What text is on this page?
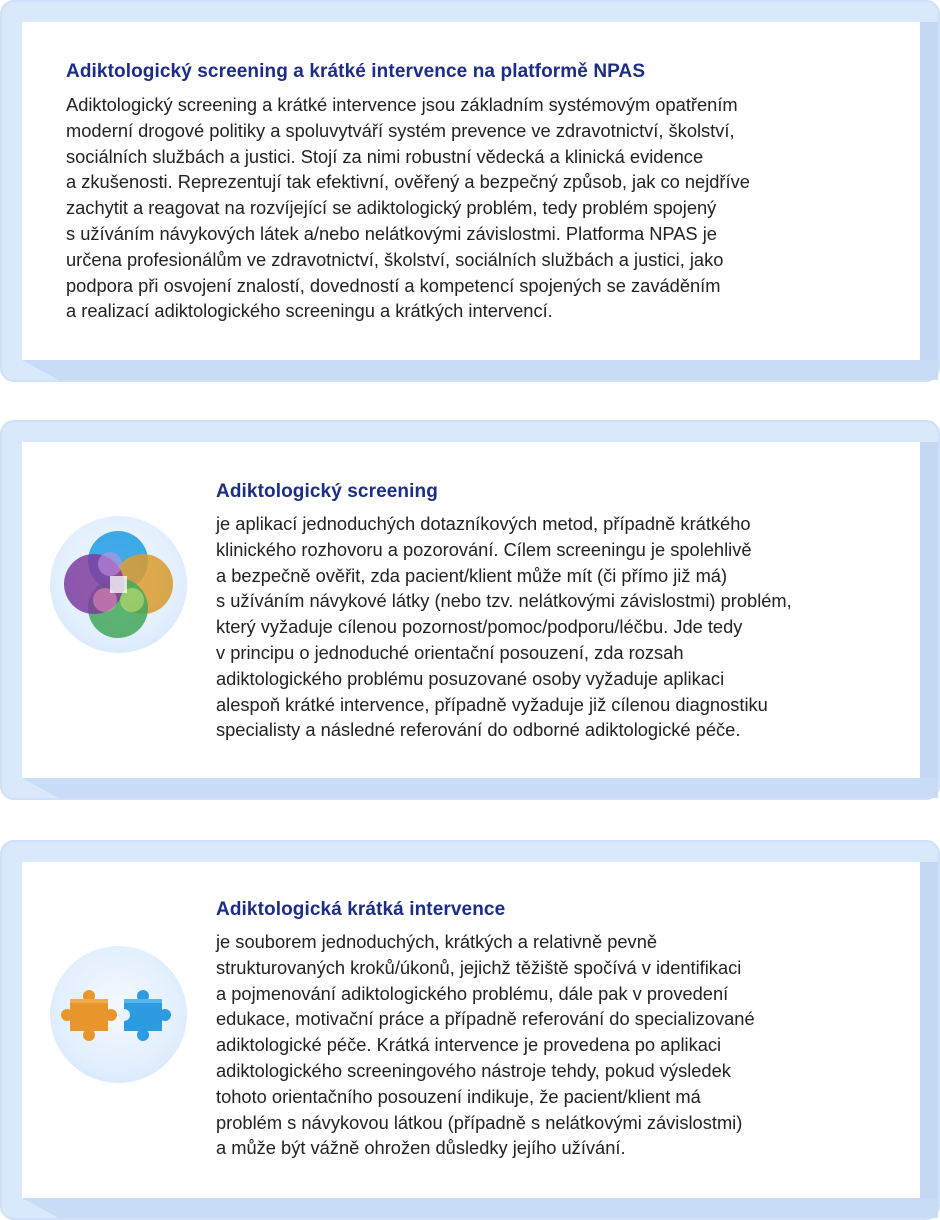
Adiktologický screening a krátké intervence na platformě NPAS

Adiktologický screening a krátké intervence jsou základním systémovým opatřením
moderní drogové politiky a spoluvytváří systém prevence ve zdravotnictví, školství,
sociálních službách a justici. Stojí za nimi robustní vědecká a klinická evidence
a zkušenosti. Reprezentují tak efektivní, ověřený a bezpečný způsob, jak co nejdříve
zachytit a reagovat na rozvíjející se adiktologický problém, tedy problém spojený
s užíváním návykových látek a/nebo nelátkovými závislostmi. Platforma NPAS je
určena profesionálům ve zdravotnictví, školství, sociálních službách a justici, jako
podpora při osvojení znalostí, dovedností a kompetencí spojených se zaváděním
a realizací adiktologického screeningu a krátkých intervencí.

Adiktologický screening

je aplikací jednoduchých dotazníkových metod, případně krátkého
klinického rozhovoru a pozorování. Cílem screeningu je spolehlivě
a bezpečně ověřit, zda pacient/klient může mít (či přímo již má)
s užíváním návykové látky (nebo tzv. nelátkovými závislostmi) problém,
který vyžaduje cílenou pozornost/pomoc/podporu/léčbu. Jde tedy
v principu o jednoduché orientační posouzení, zda rozsah
adiktologického problému posuzované osoby vyžaduje aplikaci
alespoň krátké intervence, případně vyžaduje již cílenou diagnostiku
specialisty a následné referování do odborné adiktologické péče.

Adiktologická krátká intervence

je souborem jednoduchých, krátkých a relativně pevně
strukturovaných kroků/úkonů, jejichž těžiště spočívá v identifikaci
a pojmenování adiktologického problému, dále pak v provedení
edukace, motivační práce a případně referování do specializované
adiktologické péče. Krátká intervence je provedena po aplikaci
adiktologického screeningového nástroje tehdy, pokud výsledek
tohoto orientačního posouzení indikuje, že pacient/klient má
problém s návykovou látkou (případně s nelátkovými závislostmi)
a může být vážně ohrožen důsledky jejího užívání.
